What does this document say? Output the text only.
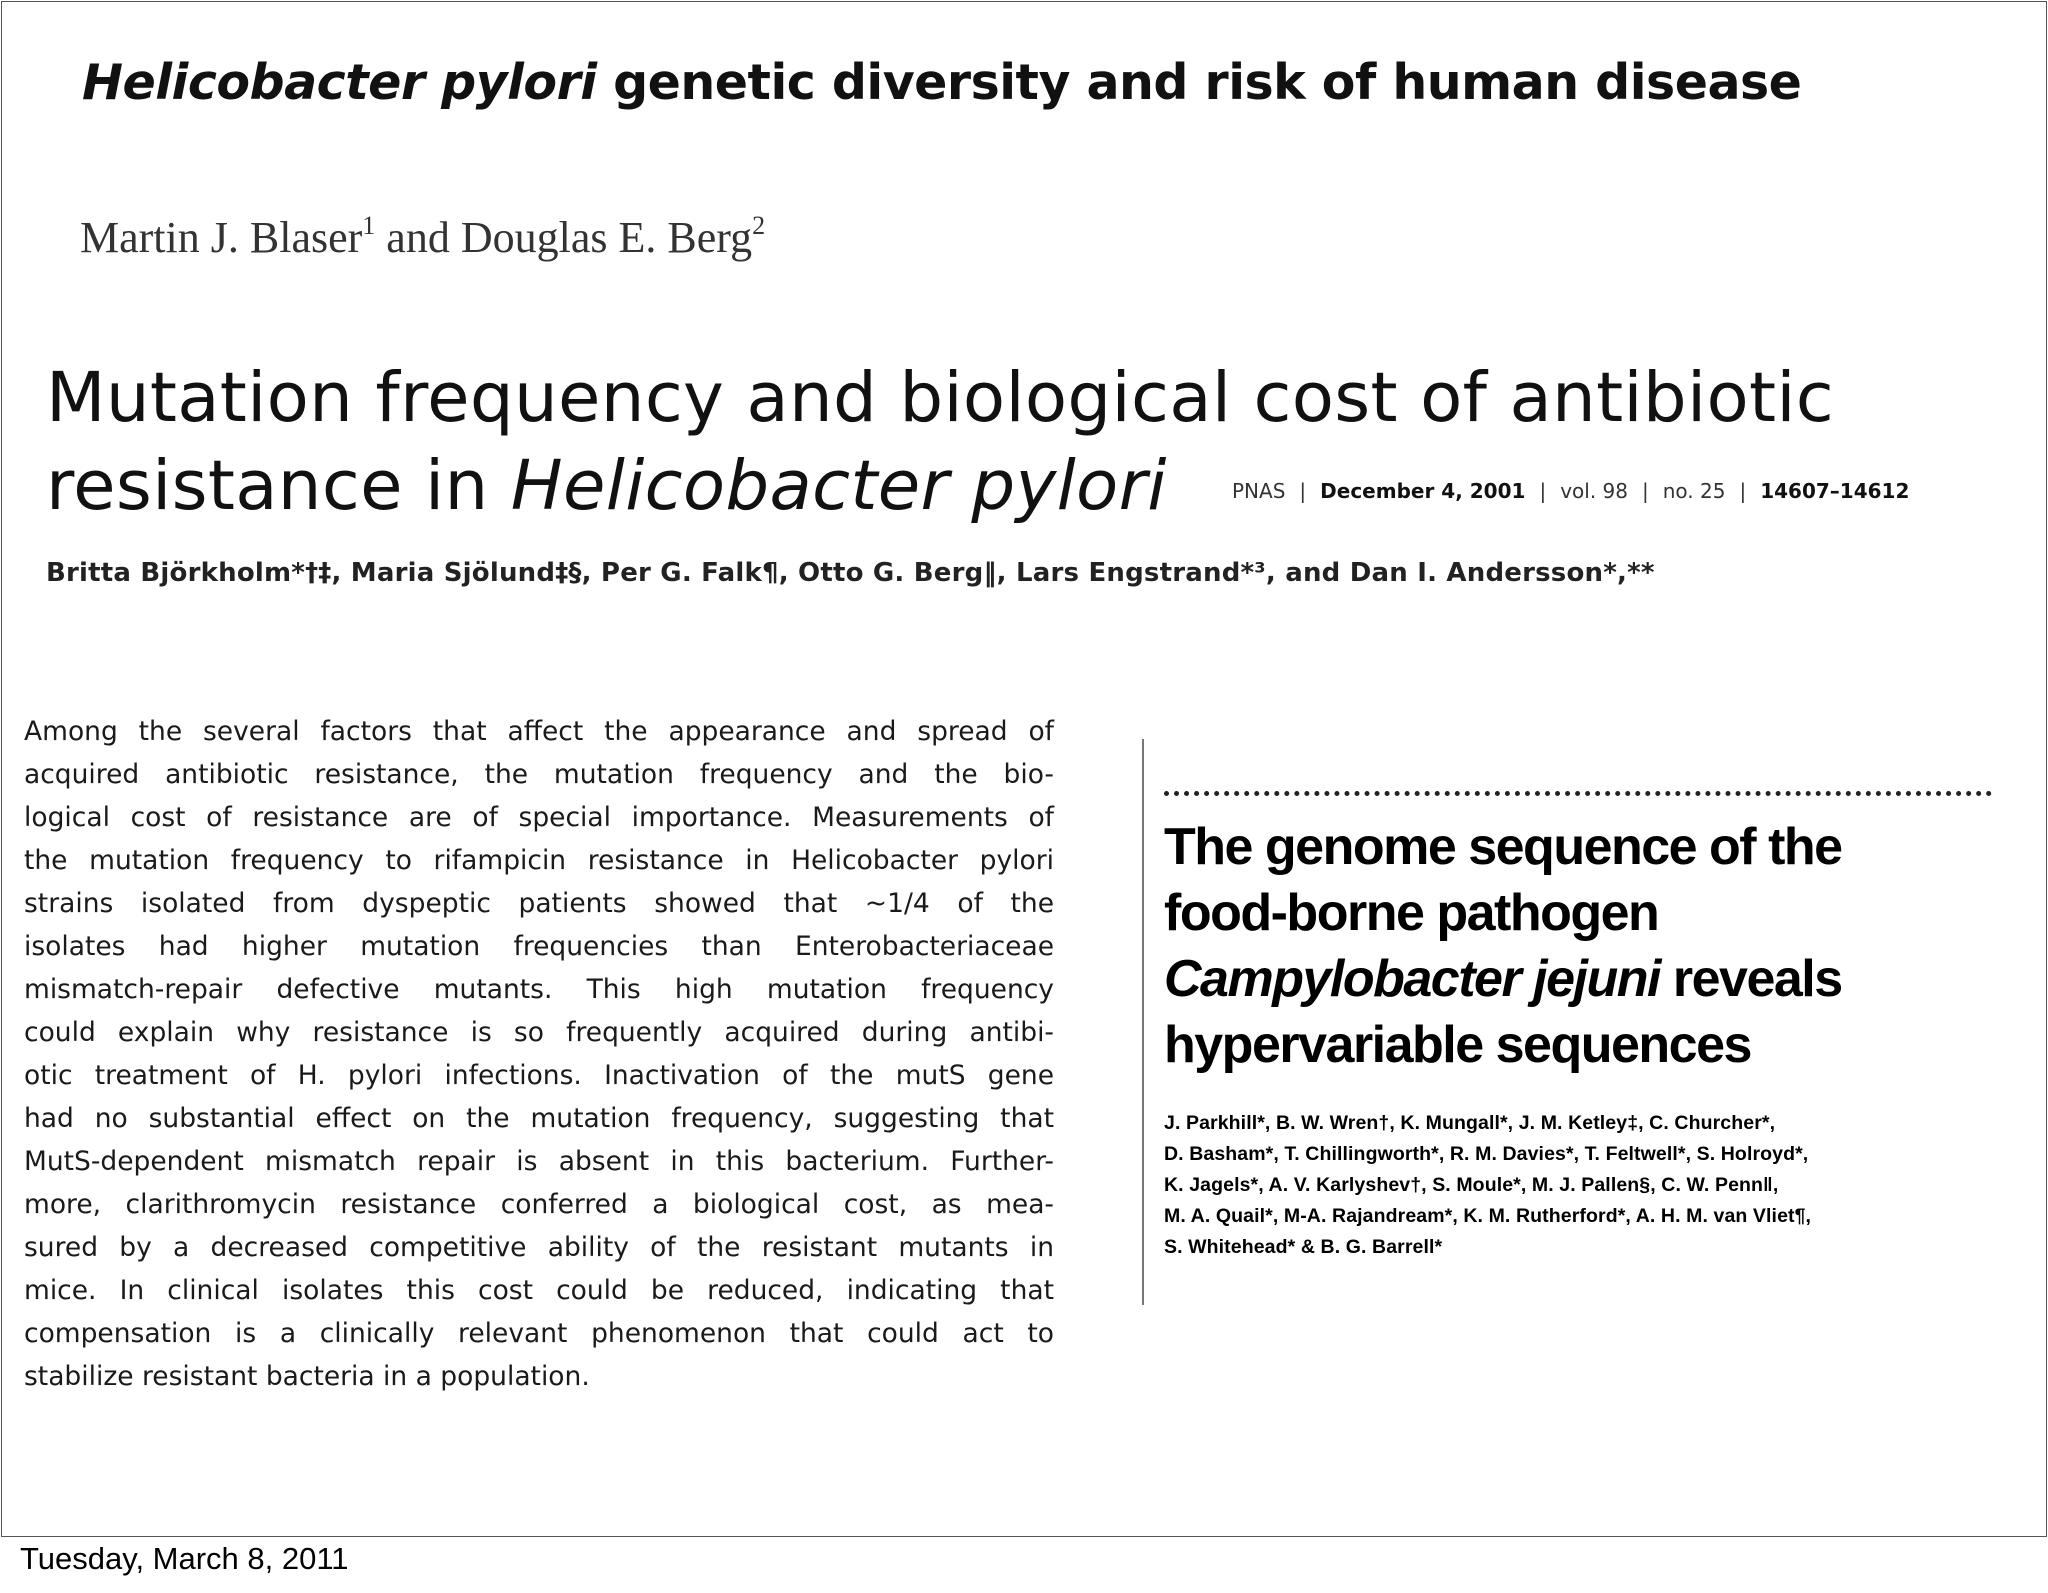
Helicobacter pylori genetic diversity and risk of human disease
Martin J. Blaser$^1$ and Douglas E. Berg$^2$
Mutation frequency and biological cost of antibiotic
resistance in Helicobacter pylori	PNAS | December 4, 2001 | vol. 98 | no. 25 | 14607–14612
Britta Björkholm*†‡, Maria Sjölund‡§, Per G. Falk¶, Otto G. Berg‖, Lars Engstrand*³, and Dan I. Andersson*,**

Among the several factors that affect the appearance and spread of

acquired antibiotic resistance, the mutation frequency and the bio-

logical cost of resistance are of special importance. Measurements of

the mutation frequency to rifampicin resistance in Helicobacter pylori

strains isolated from dyspeptic patients showed that ~1/4 of the

isolates had higher mutation frequencies than Enterobacteriaceae

mismatch-repair defective mutants. This high mutation frequency

could explain why resistance is so frequently acquired during antibi-

otic treatment of H. pylori infections. Inactivation of the mutS gene

had no substantial effect on the mutation frequency, suggesting that

MutS-dependent mismatch repair is absent in this bacterium. Further-

more, clarithromycin resistance conferred a biological cost, as mea-

sured by a decreased competitive ability of the resistant mutants in

mice. In clinical isolates this cost could be reduced, indicating that

compensation is a clinically relevant phenomenon that could act to

stabilize resistant bacteria in a population.

The genome sequence of the
food-borne pathogen
Campylobacter jejuni reveals
hypervariable sequences
J. Parkhill*, B. W. Wren†, K. Mungall*, J. M. Ketley‡, C. Churcher*,
D. Basham*, T. Chillingworth*, R. M. Davies*, T. Feltwell*, S. Holroyd*,
K. Jagels*, A. V. Karlyshev†, S. Moule*, M. J. Pallen§, C. W. Penn‖,
M. A. Quail*, M-A. Rajandream*, K. M. Rutherford*, A. H. M. van Vliet¶,
S. Whitehead* & B. G. Barrell*
Tuesday, March 8, 2011
